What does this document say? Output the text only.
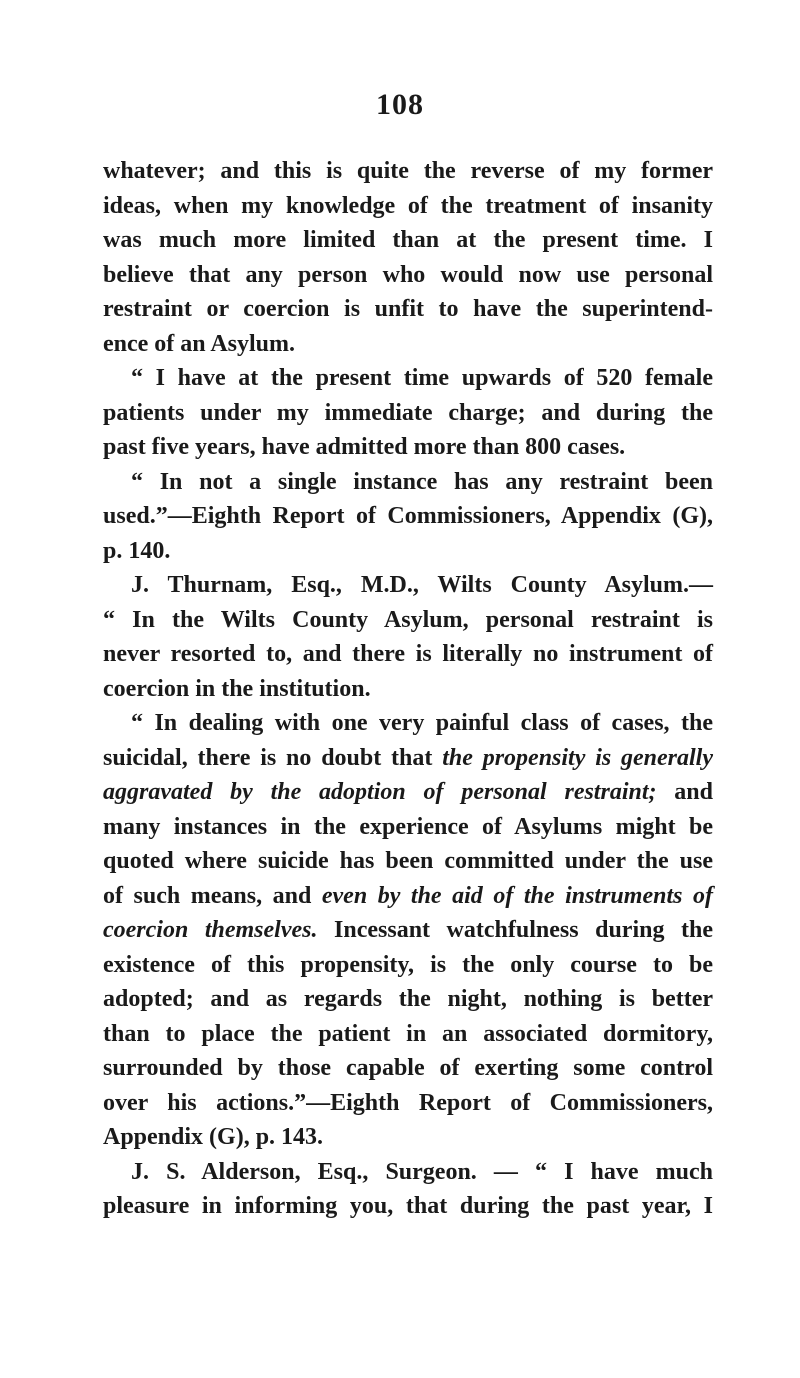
108
whatever; and this is quite the reverse of my former
ideas, when my knowledge of the treatment of insanity
was much more limited than at the present time. I
believe that any person who would now use personal
restraint or coercion is unfit to have the superintend-
ence of an Asylum.
“ I have at the present time upwards of 520 female
patients under my immediate charge; and during the
past five years, have admitted more than 800 cases.
“ In not a single instance has any restraint been
used.”—Eighth Report of Commissioners, Appendix (G),
p. 140.
J. Thurnam, Esq., M.D., Wilts County Asylum.—
“ In the Wilts County Asylum, personal restraint is
never resorted to, and there is literally no instrument of
coercion in the institution.
“ In dealing with one very painful class of cases, the
suicidal, there is no doubt that the propensity is generally
aggravated by the adoption of personal restraint; and
many instances in the experience of Asylums might be
quoted where suicide has been committed under the use
of such means, and even by the aid of the instruments of
coercion themselves. Incessant watchfulness during the
existence of this propensity, is the only course to be
adopted; and as regards the night, nothing is better
than to place the patient in an associated dormitory,
surrounded by those capable of exerting some control
over his actions.”—Eighth Report of Commissioners,
Appendix (G), p. 143.
J. S. Alderson, Esq., Surgeon. — “ I have much
pleasure in informing you, that during the past year, I
